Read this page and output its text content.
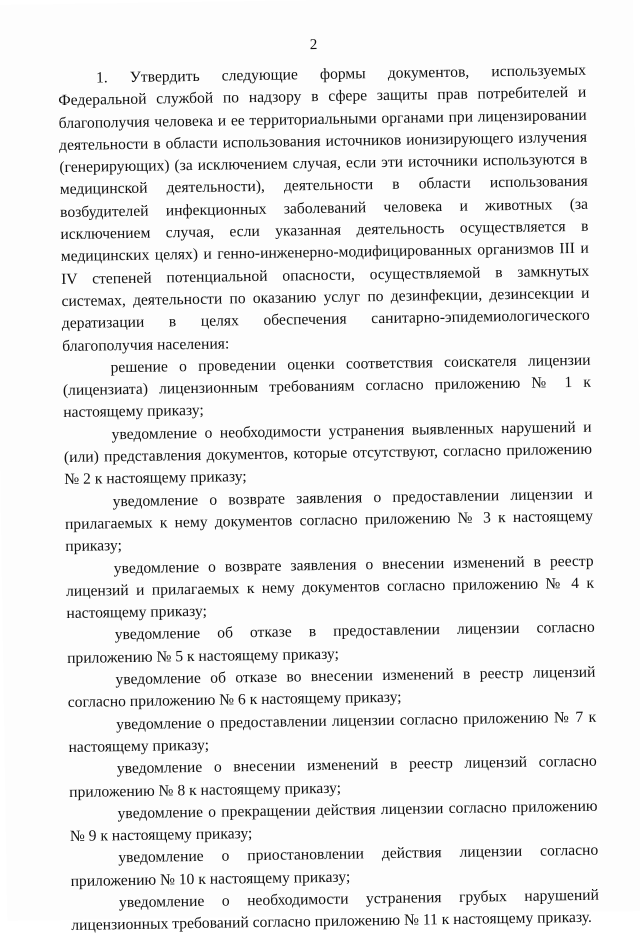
2

1. Утвердить следующие формы документов, используемых Федеральной службой по надзору в сфере защиты прав потребителей и благополучия человека и ее территориальными органами при лицензировании деятельности в области использования источников ионизирующего излучения (генерирующих) (за исключением случая, если эти источники используются в медицинской деятельности), деятельности в области использования возбудителей инфекционных заболеваний человека и животных (за исключением случая, если указанная деятельность осуществляется в медицинских целях) и генно-инженерно-модифицированных организмов III и IV степеней потенциальной опасности, осуществляемой в замкнутых системах, деятельности по оказанию услуг по дезинфекции, дезинсекции и дератизации в целях обеспечения санитарно-эпидемиологического благополучия населения:

решение о проведении оценки соответствия соискателя лицензии (лицензиата) лицензионным требованиям согласно приложению № 1 к настоящему приказу;

уведомление о необходимости устранения выявленных нарушений и (или) представления документов, которые отсутствуют, согласно приложению № 2 к настоящему приказу;

уведомление о возврате заявления о предоставлении лицензии и прилагаемых к нему документов согласно приложению № 3 к настоящему приказу;

уведомление о возврате заявления о внесении изменений в реестр лицензий и прилагаемых к нему документов согласно приложению № 4 к настоящему приказу;

уведомление об отказе в предоставлении лицензии согласно приложению № 5 к настоящему приказу;

уведомление об отказе во внесении изменений в реестр лицензий согласно приложению № 6 к настоящему приказу;

уведомление о предоставлении лицензии согласно приложению № 7 к настоящему приказу;

уведомление о внесении изменений в реестр лицензий согласно приложению № 8 к настоящему приказу;

уведомление о прекращении действия лицензии согласно приложению № 9 к настоящему приказу;

уведомление о приостановлении действия лицензии согласно приложению № 10 к настоящему приказу;

уведомление о необходимости устранения грубых нарушений лицензионных требований согласно приложению № 11 к настоящему приказу.
